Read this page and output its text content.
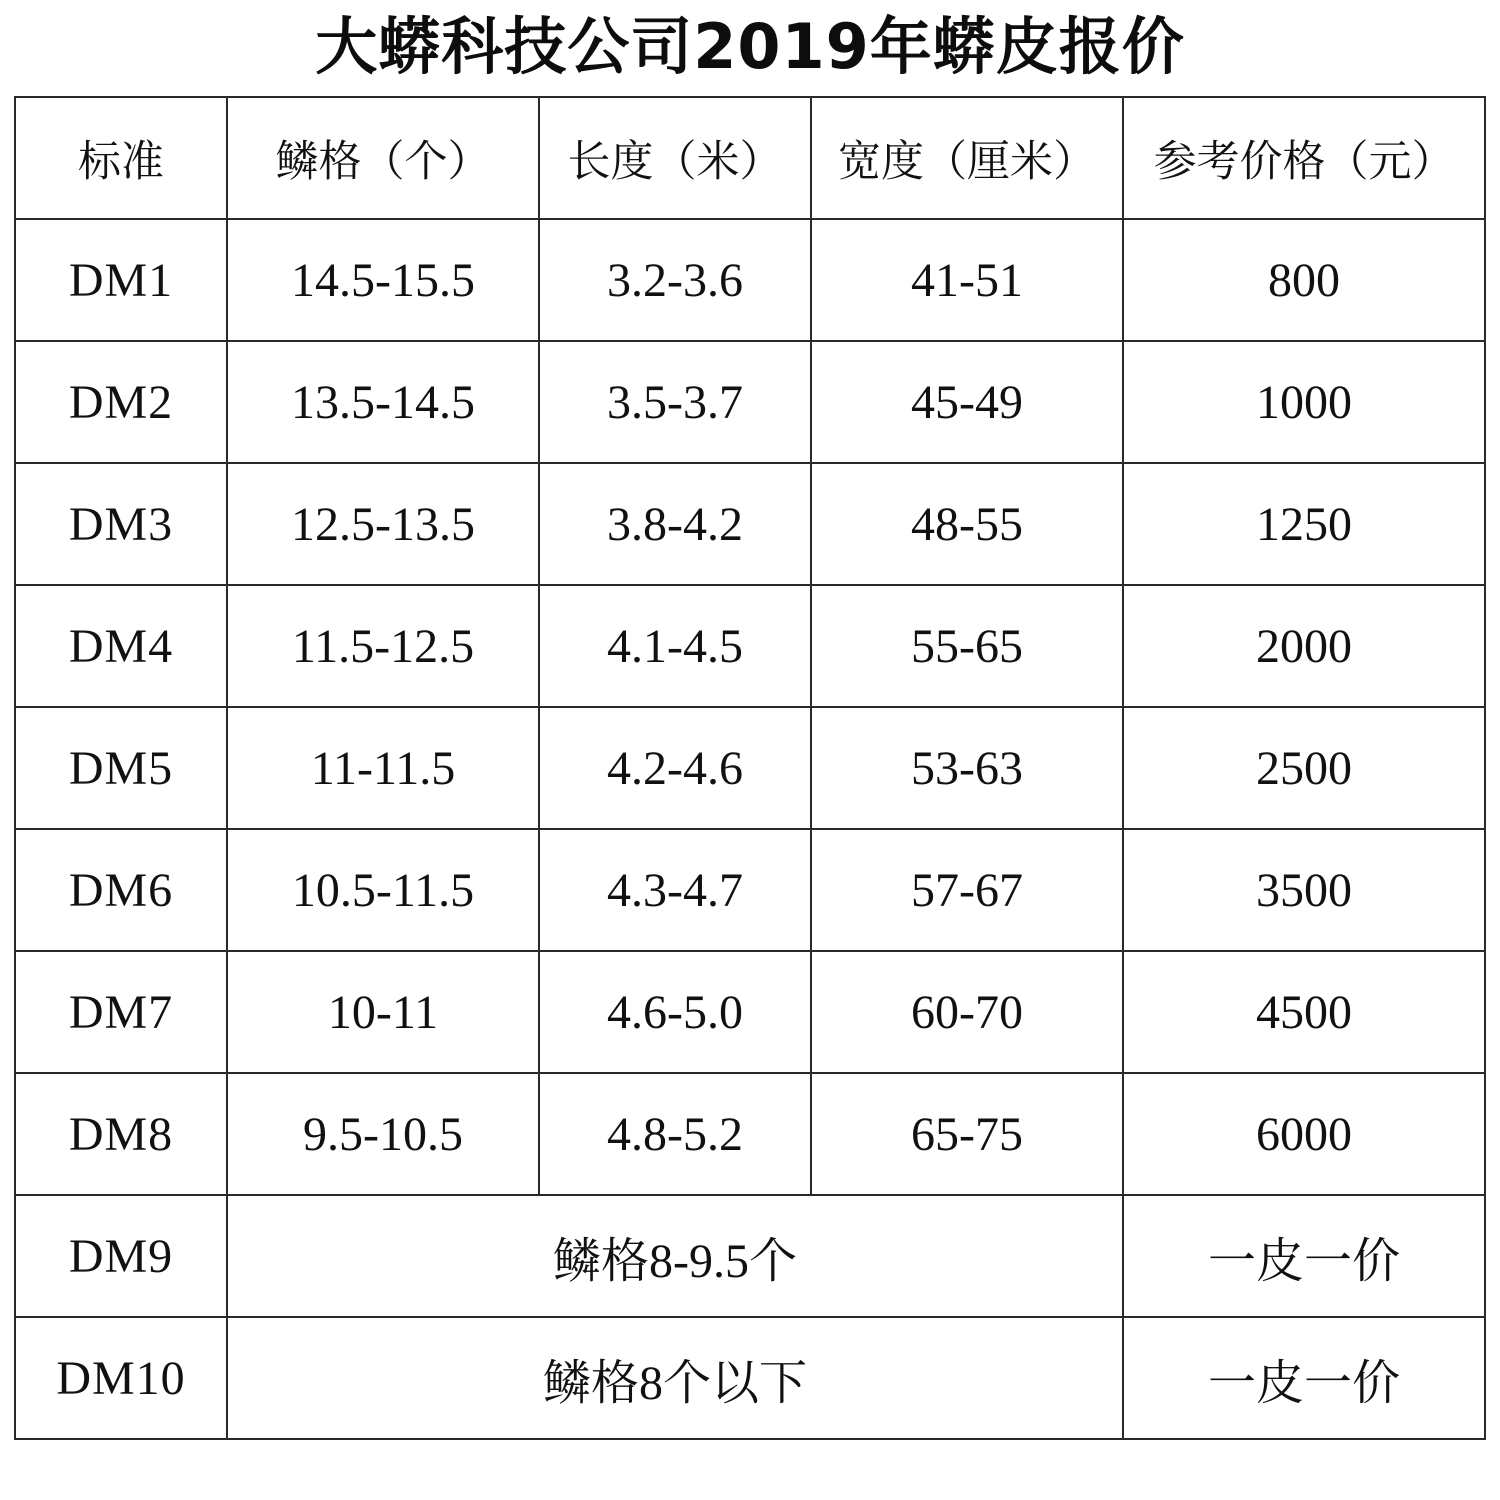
大蟒科技公司2019年蟒皮报价
标准	鳞格（个）	长度（米）	宽度（厘米）	参考价格（元）
DM1	14.5-15.5	3.2-3.6	41-51	800
DM2	13.5-14.5	3.5-3.7	45-49	1000
DM3	12.5-13.5	3.8-4.2	48-55	1250
DM4	11.5-12.5	4.1-4.5	55-65	2000
DM5	11-11.5	4.2-4.6	53-63	2500
DM6	10.5-11.5	4.3-4.7	57-67	3500
DM7	10-11	4.6-5.0	60-70	4500
DM8	9.5-10.5	4.8-5.2	65-75	6000
DM9	鳞格8-9.5个			一皮一价
DM10	鳞格8个以下			一皮一价
